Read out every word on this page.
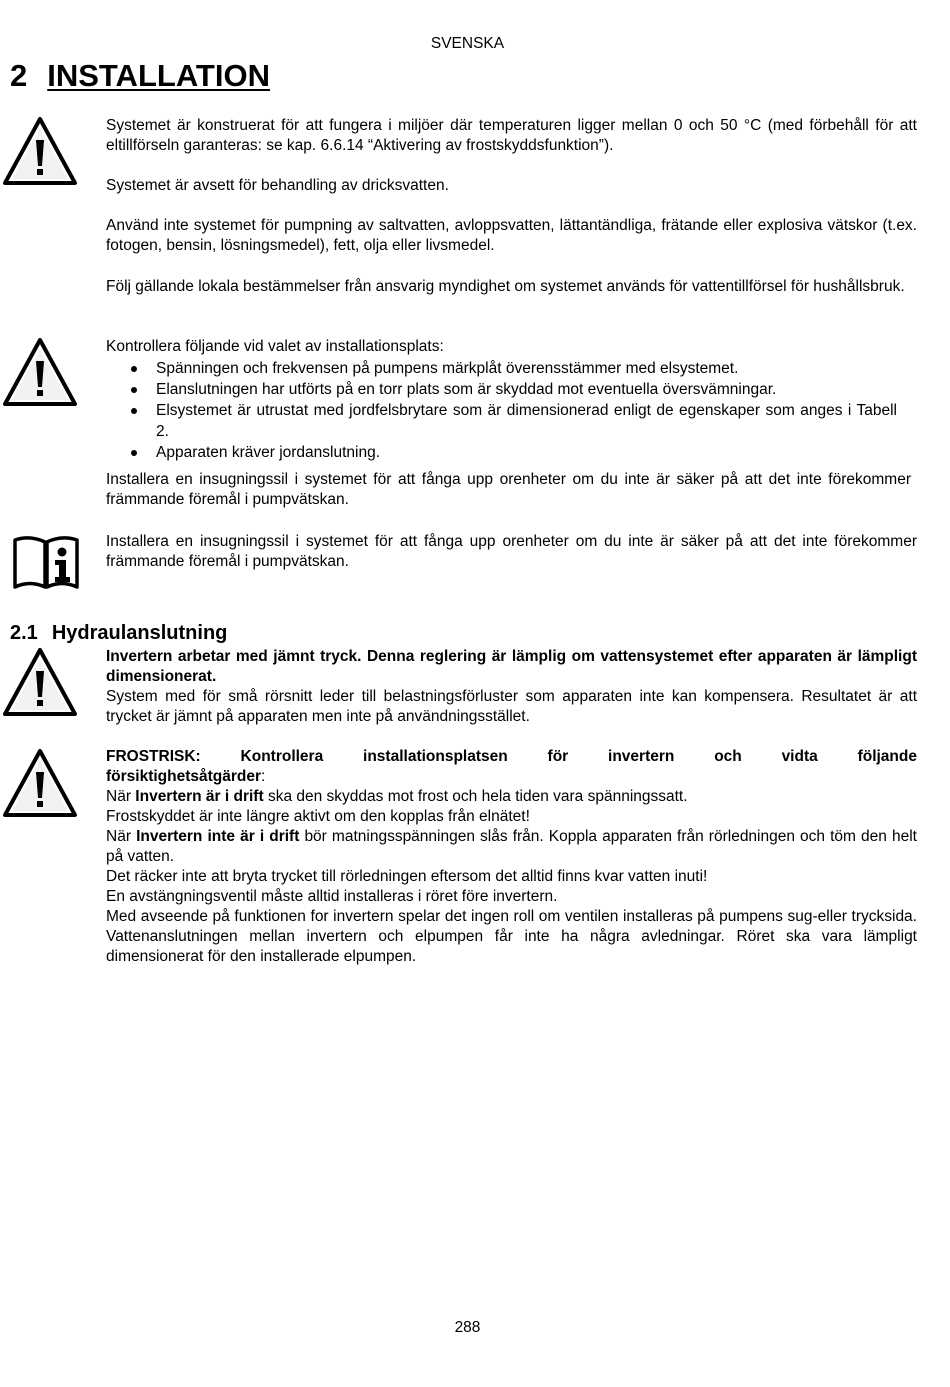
SVENSKA
2 INSTALLATION

Systemet är konstruerat för att fungera i miljöer där temperaturen ligger mellan 0 och 50 °C (med förbehåll för att eltillförseln garanteras: se kap. 6.6.14 “Aktivering av frostskyddsfunktion”).

Systemet är avsett för behandling av dricksvatten.

Använd inte systemet för pumpning av saltvatten, avloppsvatten, lättantändliga, frätande eller explosiva vätskor (t.ex. fotogen, bensin, lösningsmedel), fett, olja eller livsmedel.

Följ gällande lokala bestämmelser från ansvarig myndighet om systemet används för vattentillförsel för hushållsbruk.

Kontrollera följande vid valet av installationsplats:
Spänningen och frekvensen på pumpens märkplåt överensstämmer med elsystemet.
Elanslutningen har utförts på en torr plats som är skyddad mot eventuella översvämningar.
Elsystemet är utrustat med jordfelsbrytare som är dimensionerad enligt de egenskaper som anges i Tabell 2.
Apparaten kräver jordanslutning.
Installera en insugningssil i systemet för att fånga upp orenheter om du inte är säker på att det inte förekommer främmande föremål i pumpvätskan.
Installera en insugningssil i systemet för att fånga upp orenheter om du inte är säker på att det inte förekommer främmande föremål i pumpvätskan.
2.1 Hydraulanslutning

Invertern arbetar med jämnt tryck. Denna reglering är lämplig om vattensystemet efter apparaten är lämpligt dimensionerat.

System med för små rörsnitt leder till belastningsförluster som apparaten inte kan kompensera. Resultatet är att trycket är jämnt på apparaten men inte på användningsstället.

FROSTRISK:	Kontrollera	installationsplatsen	för	invertern	och	vidta	följande

försiktighetsåtgärder:

När Invertern är i drift ska den skyddas mot frost och hela tiden vara spänningssatt.

Frostskyddet är inte längre aktivt om den kopplas från elnätet!

När Invertern inte är i drift bör matningsspänningen slås från. Koppla apparaten från rörledningen och töm den helt på vatten.

Det räcker inte att bryta trycket till rörledningen eftersom det alltid finns kvar vatten inuti!

En avstängningsventil måste alltid installeras i röret före invertern.

Med avseende på funktionen for invertern spelar det ingen roll om ventilen installeras på pumpens sug-eller trycksida. Vattenanslutningen mellan invertern och elpumpen får inte ha några avledningar. Röret ska vara lämpligt dimensionerat för den installerade elpumpen.

288
